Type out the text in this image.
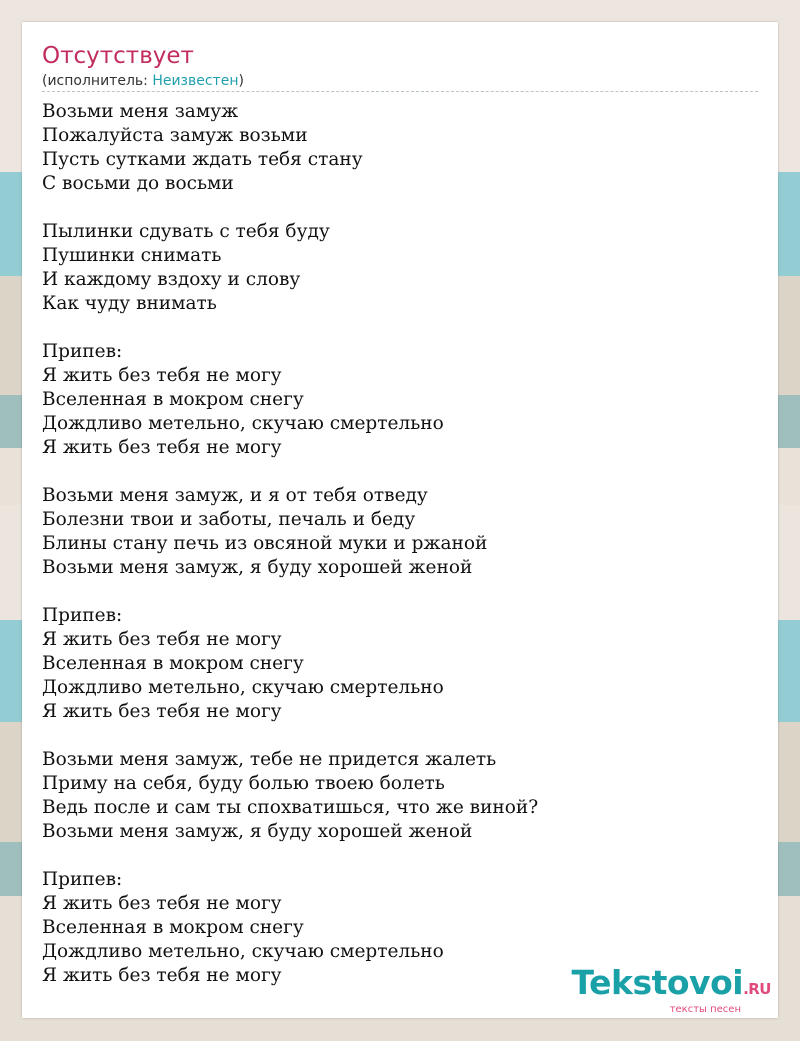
Отсутствует
(исполнитель: Неизвестен)
Возьми меня замуж
Пожалуйста замуж возьми
Пусть сутками ждать тебя стану
С восьми до восьми
Пылинки сдувать с тебя буду
Пушинки снимать
И каждому вздоху и слову
Как чуду внимать
Припев:
Я жить без тебя не могу
Вселенная в мокром снегу
Дождливо метельно, скучаю смертельно
Я жить без тебя не могу
Возьми меня замуж, и я от тебя отведу
Болезни твои и заботы, печаль и беду
Блины стану печь из овсяной муки и ржаной
Возьми меня замуж, я буду хорошей женой
Припев:
Я жить без тебя не могу
Вселенная в мокром снегу
Дождливо метельно, скучаю смертельно
Я жить без тебя не могу
Возьми меня замуж, тебе не придется жалеть
Приму на себя, буду болью твоею болеть
Ведь после и сам ты спохватишься, что же виной?
Возьми меня замуж, я буду хорошей женой
Припев:
Я жить без тебя не могу
Вселенная в мокром снегу
Дождливо метельно, скучаю смертельно
Я жить без тебя не могу	Tekstovoi.RU
тексты песен
